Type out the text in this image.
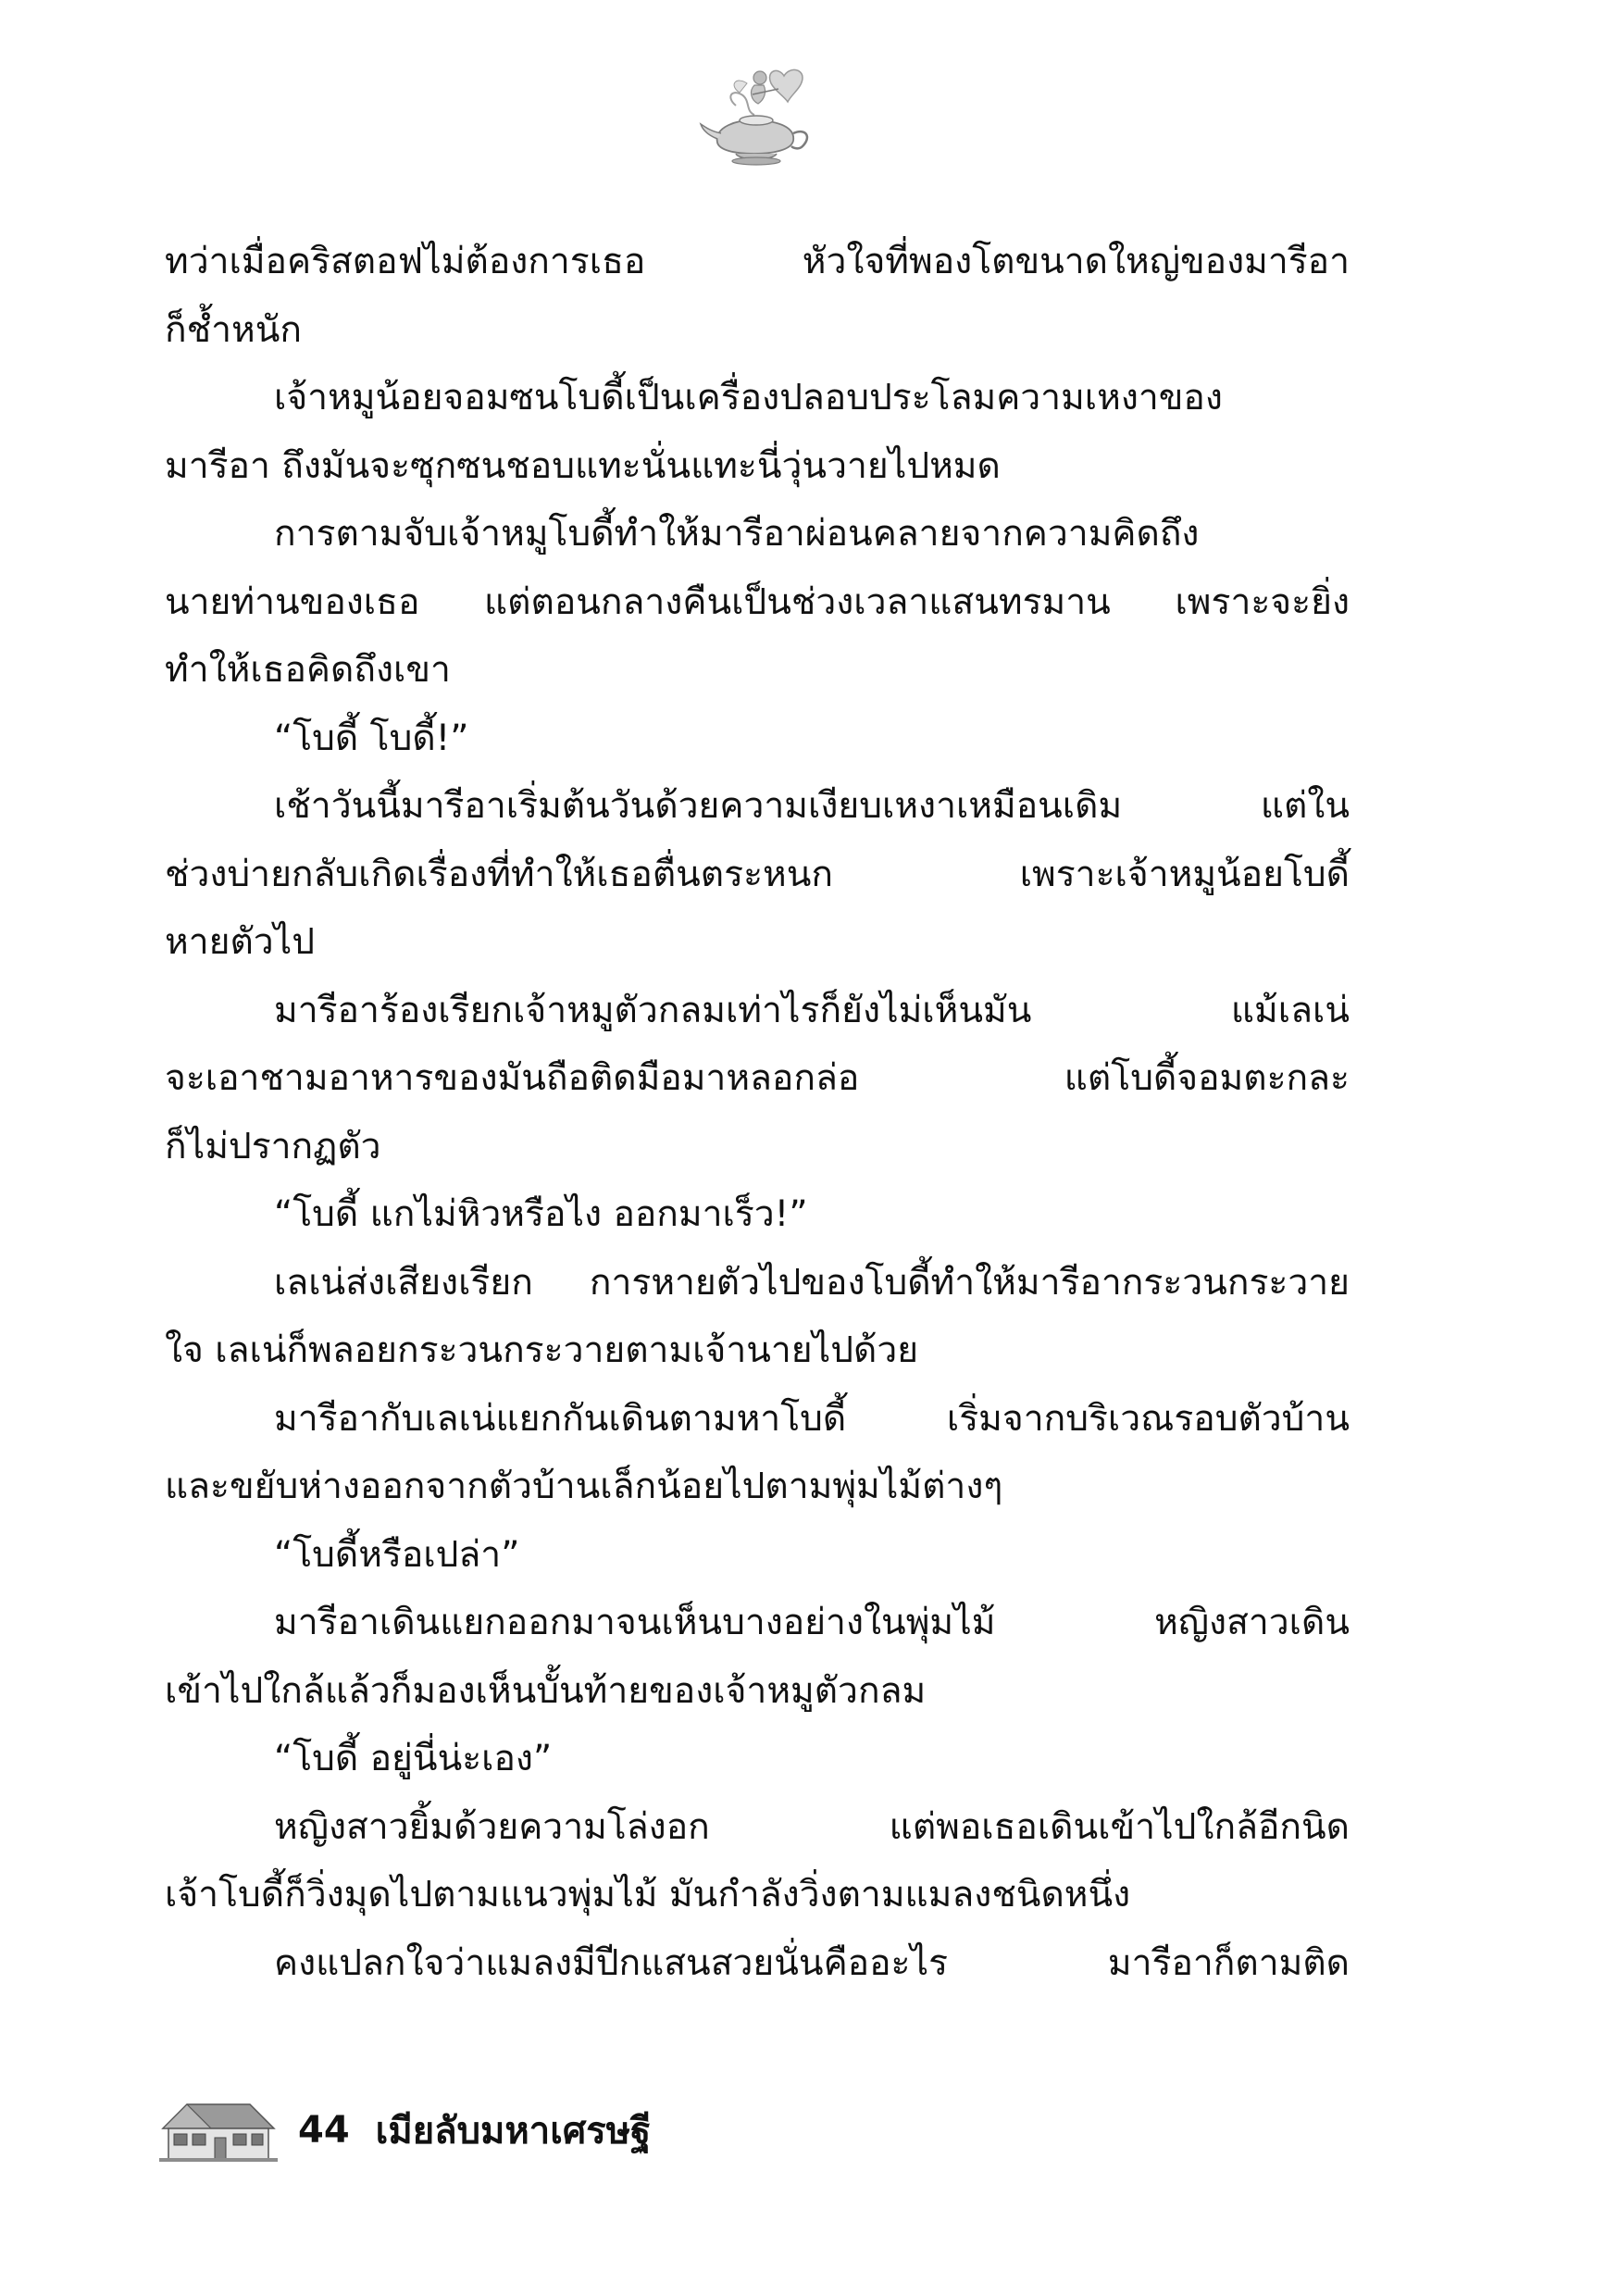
ทว่าเมื่อคริสตอฟไม่ต้องการเธอ หัวใจที่พองโตขนาดใหญ่ของมารีอา
ก็ช้ำหนัก
เจ้าหมูน้อยจอมซนโบดี้เป็นเครื่องปลอบประโลมความเหงาของ
มารีอา ถึงมันจะซุกซนชอบแทะนั่นแทะนี่วุ่นวายไปหมด
การตามจับเจ้าหมูโบดี้ทำให้มารีอาผ่อนคลายจากความคิดถึง
นายท่านของเธอ แต่ตอนกลางคืนเป็นช่วงเวลาแสนทรมาน เพราะจะยิ่ง
ทำให้เธอคิดถึงเขา
“โบดี้ โบดี้!”
เช้าวันนี้มารีอาเริ่มต้นวันด้วยความเงียบเหงาเหมือนเดิม แต่ใน
ช่วงบ่ายกลับเกิดเรื่องที่ทำให้เธอตื่นตระหนก เพราะเจ้าหมูน้อยโบดี้
หายตัวไป
มารีอาร้องเรียกเจ้าหมูตัวกลมเท่าไรก็ยังไม่เห็นมัน แม้เลเน่
จะเอาชามอาหารของมันถือติดมือมาหลอกล่อ แต่โบดี้จอมตะกละ
ก็ไม่ปรากฏตัว
“โบดี้ แกไม่หิวหรือไง ออกมาเร็ว!”
เลเน่ส่งเสียงเรียก การหายตัวไปของโบดี้ทำให้มารีอากระวนกระวาย
ใจ เลเน่ก็พลอยกระวนกระวายตามเจ้านายไปด้วย
มารีอากับเลเน่แยกกันเดินตามหาโบดี้ เริ่มจากบริเวณรอบตัวบ้าน
และขยับห่างออกจากตัวบ้านเล็กน้อยไปตามพุ่มไม้ต่างๆ
“โบดี้หรือเปล่า”
มารีอาเดินแยกออกมาจนเห็นบางอย่างในพุ่มไม้ หญิงสาวเดิน
เข้าไปใกล้แล้วก็มองเห็นบั้นท้ายของเจ้าหมูตัวกลม
“โบดี้ อยู่นี่น่ะเอง”
หญิงสาวยิ้มด้วยความโล่งอก แต่พอเธอเดินเข้าไปใกล้อีกนิด
เจ้าโบดี้ก็วิ่งมุดไปตามแนวพุ่มไม้ มันกำลังวิ่งตามแมลงชนิดหนึ่ง
คงแปลกใจว่าแมลงมีปีกแสนสวยนั่นคืออะไร มารีอาก็ตามติด
44 เมียลับมหาเศรษฐี
